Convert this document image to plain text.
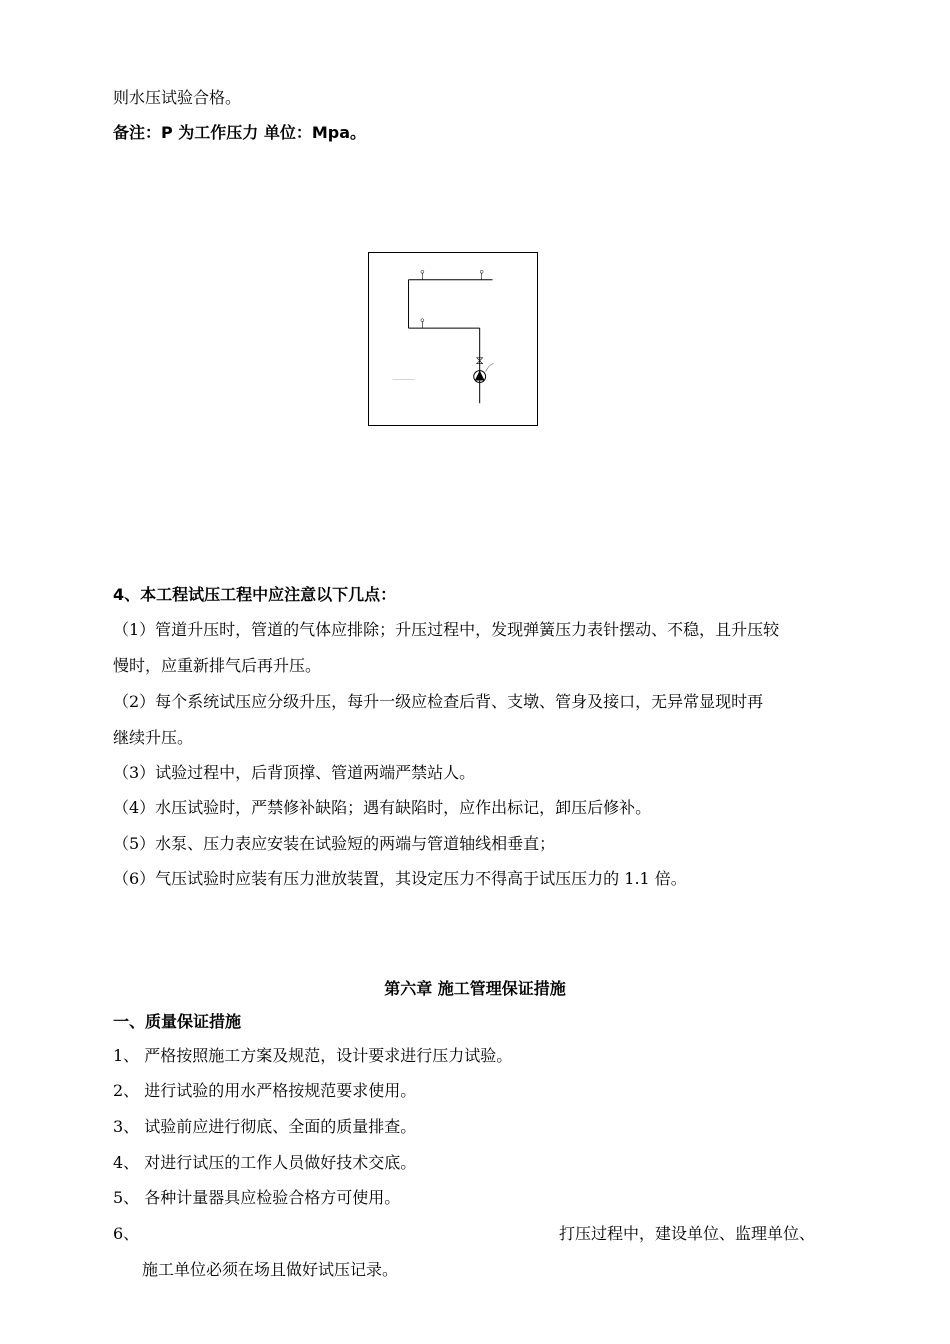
则水压试验合格。
备注：P 为工作压力 单位：Mpa。
4、本工程试压工程中应注意以下几点：
（1）管道升压时，管道的气体应排除；升压过程中，发现弹簧压力表针摆动、不稳，且升压较
慢时，应重新排气后再升压。
（2）每个系统试压应分级升压，每升一级应检查后背、支墩、管身及接口，无异常显现时再
继续升压。
（3）试验过程中，后背顶撑、管道两端严禁站人。
（4）水压试验时，严禁修补缺陷；遇有缺陷时，应作出标记，卸压后修补。
（5）水泵、压力表应安装在试验短的两端与管道轴线相垂直；
（6）气压试验时应装有压力泄放装置，其设定压力不得高于试压压力的 1.1 倍。
第六章 施工管理保证措施
一、质量保证措施
1、 严格按照施工方案及规范，设计要求进行压力试验。
2、 进行试验的用水严格按规范要求使用。
3、 试验前应进行彻底、全面的质量排查。
4、 对进行试压的工作人员做好技术交底。
5、 各种计量器具应检验合格方可使用。
6、	打压过程中，建设单位、监理单位、
施工单位必须在场且做好试压记录。
